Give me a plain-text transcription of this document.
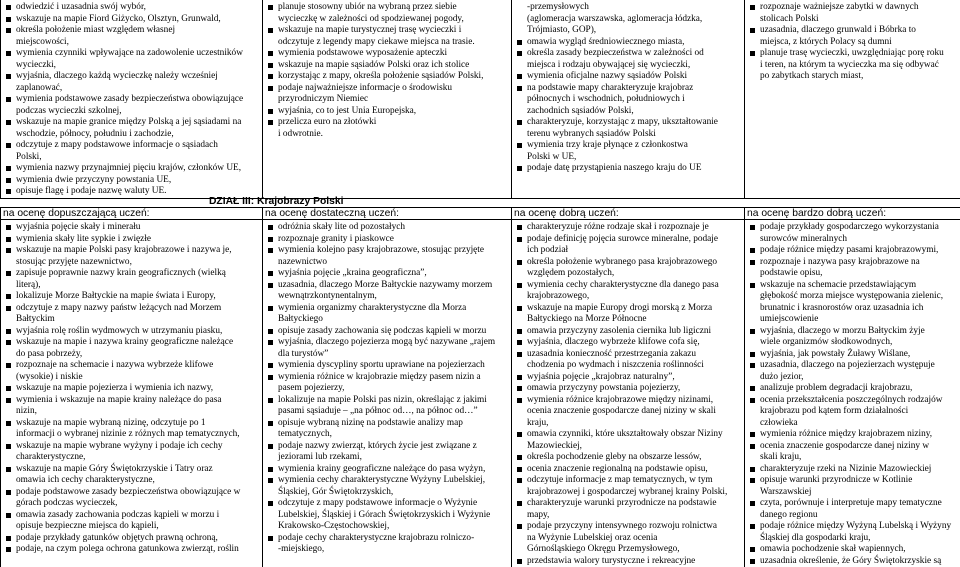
odwiedzić i uzasadnia swój wybór,
wskazuje na mapie Fiord Giżycko, Olsztyn, Grunwald,
określa położenie miast względem własnej
miejscowości,
wymienia czynniki wpływające na zadowolenie uczestników
wycieczki,
wyjaśnia, dlaczego każdą wycieczkę należy wcześniej
zaplanować,
wymienia podstawowe zasady bezpieczeństwa obowiązujące
podczas wycieczki szkolnej,
wskazuje na mapie granice między Polską a jej sąsiadami na
wschodzie, północy, południu i zachodzie,
odczytuje z mapy podstawowe informacje o sąsiadach
Polski,
wymienia nazwy przynajmniej pięciu krajów, członków UE,
wymienia dwie przyczyny powstania UE,
opisuje flagę i podaje nazwę waluty UE.

planuje stosowny ubiór na wybraną przez siebie
wycieczkę w zależności od spodziewanej pogody,
wskazuje na mapie turystycznej trasę wycieczki i
odczytuje z legendy mapy ciekawe miejsca na trasie.
wymienia podstawowe wyposażenie apteczki
wskazuje na mapie sąsiadów Polski oraz ich stolice
korzystając z mapy, określa położenie sąsiadów Polski,
podaje najważniejsze informacje o środowisku
przyrodniczym Niemiec
wyjaśnia, co to jest Unia Europejska,
przelicza euro na złotówki
i odwrotnie.

-przemysłowych
(aglomeracja warszawska, aglomeracja łódzka,
Trójmiasto, GOP),
omawia wygląd średniowiecznego miasta,
określa zasady bezpieczeństwa w zależności od
miejsca i rodzaju obywającej się wycieczki,
wymienia oficjalne nazwy sąsiadów Polski
na podstawie mapy charakteryzuje krajobraz
północnych i wschodnich, południowych i
zachodnich sąsiadów Polski,
charakteryzuje, korzystając z mapy, ukształtowanie
terenu wybranych sąsiadów Polski
wymienia trzy kraje płynące z członkostwa
Polski w UE,
podaje datę przystąpienia naszego kraju do UE

rozpoznaje ważniejsze zabytki w dawnych
stolicach Polski
uzasadnia, dlaczego grunwald i Bóbrka to
miejsca, z których Polacy są dumni
planuje trasę wycieczki, uwzględniając porę roku
i teren, na którym ta wycieczka ma się odbywać
po zabytkach starych miast,
DZIAŁ III: Krajobrazy Polski
na ocenę dopuszczającą uczeń:	na ocenę dostateczną uczeń:	na ocenę dobrą uczeń:	na ocenę bardzo dobrą uczeń:
wyjaśnia pojęcie skały i minerału
wymienia skały lite sypkie i zwięzłe
wskazuje na mapie Polski pasy krajobrazowe i nazywa je,
stosując przyjęte nazewnictwo,
zapisuje poprawnie nazwy krain geograficznych (wielką
literą),
lokalizuje Morze Bałtyckie na mapie świata i Europy,
odczytuje z mapy nazwy państw leżących nad Morzem
Bałtyckim
wyjaśnia rolę roślin wydmowych w utrzymaniu piasku,
wskazuje na mapie i nazywa krainy geograficzne należące
do pasa pobrzeży,
rozpoznaje na schemacie i nazywa wybrzeże klifowe
(wysokie) i niskie
wskazuje na mapie pojezierza i wymienia ich nazwy,
wymienia i wskazuje na mapie krainy należące do pasa
nizin,
wskazuje na mapie wybraną nizinę, odczytuje po 1
informacji o wybranej nizinie z różnych map tematycznych,
wskazuje na mapie wybrane wyżyny i podaje ich cechy
charakterystyczne,
wskazuje na mapie Góry Świętokrzyskie i Tatry oraz
omawia ich cechy charakterystyczne,
podaje podstawowe zasady bezpieczeństwa obowiązujące w
górach podczas wycieczek,
omawia zasady zachowania podczas kąpieli w morzu i
opisuje bezpieczne miejsca do kąpieli,
podaje przykłady gatunków objętych prawną ochroną,
podaje, na czym polega ochrona gatunkowa zwierząt, roślin

odróżnia skały lite od pozostałych
rozpoznaje granity i piaskowce
wymienia kolejno pasy krajobrazowe, stosując przyjęte
nazewnictwo
wyjaśnia pojęcie „kraina geograficzna”,
uzasadnia, dlaczego Morze Bałtyckie nazywamy morzem
wewnątrzkontynentalnym,
wymienia organizmy charakterystyczne dla Morza
Bałtyckiego
opisuje zasady zachowania się podczas kąpieli w morzu
wyjaśnia, dlaczego pojezierza mogą być nazywane „rajem
dla turystów”
wymienia dyscypliny sportu uprawiane na pojezierzach
wymienia różnice w krajobrazie między pasem nizin a
pasem pojezierzy,
lokalizuje na mapie Polski pas nizin, określając z jakimi
pasami sąsiaduje – „na północ od…, na północ od…”
opisuje wybraną nizinę na podstawie analizy map
tematycznych,
podaje nazwy zwierząt, których życie jest związane z
jeziorami lub rzekami,
wymienia krainy geograficzne należące do pasa wyżyn,
wymienia cechy charakterystyczne Wyżyny Lubelskiej,
Śląskiej, Gór Świętokrzyskich,
odczytuje z mapy podstawowe informacje o Wyżynie
Lubelskiej, Śląskiej i Górach Świętokrzyskich i Wyżynie
Krakowsko-Częstochowskiej,
podaje cechy charakterystyczne krajobrazu rolniczo-
-miejskiego,

charakteryzuje różne rodzaje skał i rozpoznaje je
podaje definicję pojęcia surowce mineralne, podaje
ich podział
określa położenie wybranego pasa krajobrazowego
względem pozostałych,
wymienia cechy charakterystyczne dla danego pasa
krajobrazowego,
wskazuje na mapie Europy drogi morską z Morza
Bałtyckiego na Morze Północne
omawia przyczyny zasolenia ciernika lub ligiczni
wyjaśnia, dlaczego wybrzeże klifowe cofa się,
uzasadnia konieczność przestrzegania zakazu
chodzenia po wydmach i niszczenia roślinności
wyjaśnia pojęcie „krajobraz naturalny”,
omawia przyczyny powstania pojezierzy,
wymienia różnice krajobrazowe między nizinami,
ocenia znaczenie gospodarcze danej niziny w skali
kraju,
omawia czynniki, które ukształtowały obszar Niziny
Mazowieckiej,
określa pochodzenie gleby na obszarze lessów,
ocenia znaczenie regionalną na podstawie opisu,
odczytuje informacje z map tematycznych, w tym
krajobrazowej i gospodarczej wybranej krainy Polski,
charakteryzuje warunki przyrodnicze na podstawie
mapy,
podaje przyczyny intensywnego rozwoju rolnictwa
na Wyżynie Lubelskiej oraz ocenia
Górnośląskiego Okręgu Przemysłowego,
przedstawia walory turystyczne i rekreacyjne

podaje przykłady gospodarczego wykorzystania
surowców mineralnych
podaje różnice między pasami krajobrazowymi,
rozpoznaje i nazywa pasy krajobrazowe na
podstawie opisu,
wskazuje na schemacie przedstawiającym
głębokość morza miejsce występowania zielenic,
brunatnic i krasnorostów oraz uzasadnia ich
umiejscowienie
wyjaśnia, dlaczego w morzu Bałtyckim żyje
wiele organizmów słodkowodnych,
wyjaśnia, jak powstały Żuławy Wiślane,
uzasadnia, dlaczego na pojezierzach występuje
dużo jezior,
analizuje problem degradacji krajobrazu,
ocenia przekształcenia poszczególnych rodzajów
krajobrazu pod kątem form działalności
człowieka
wymienia różnice między krajobrazem niziny,
ocenia znaczenie gospodarcze danej niziny w
skali kraju,
charakteryzuje rzeki na Nizinie Mazowieckiej
opisuje warunki przyrodnicze w Kotlinie
Warszawskiej
czyta, porównuje i interpretuje mapy tematyczne
danego regionu
podaje różnice między Wyżyną Lubelską i Wyżyny
Śląskiej dla gospodarki kraju,
omawia pochodzenie skał wapiennych,
uzasadnia określenie, że Góry Świętokrzyskie są
